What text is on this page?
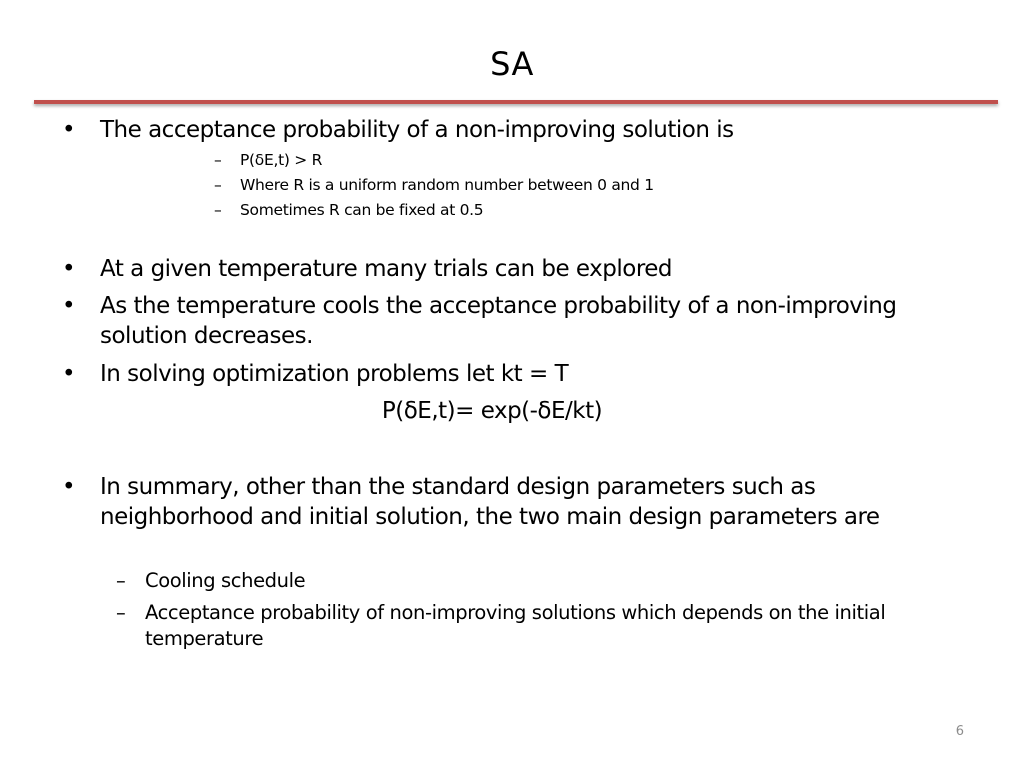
SA
•	The acceptance probability of a non-improving solution is
– P(δE,t) > R
– Where R is a uniform random number between 0 and 1
– Sometimes R can be fixed at 0.5
•	At a given temperature many trials can be explored
•	As the temperature cools the acceptance probability of a non-improving solution decreases.
•	In solving optimization problems let kt = T
P(δE,t)= exp(-δE/kt)
•	In summary, other than the standard design parameters such as neighborhood and initial solution, the two main design parameters are
– Cooling schedule
– Acceptance probability of non-improving solutions which depends on the initial temperature
6
